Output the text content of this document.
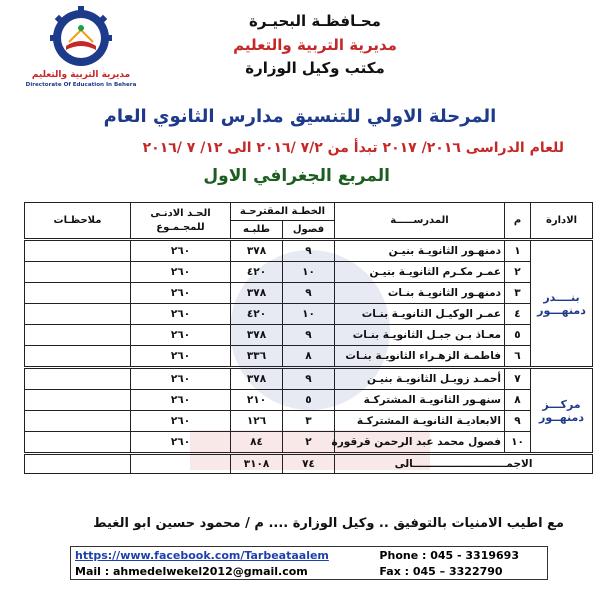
مديرية التربية والتعليم
Directorate Of Education In Behera
محـافظـة البحيـرة
مديرية التربية والتعليم
مكتب وكيل الوزارة
المرحلة الاولي للتنسيق مدارس الثانوي العام
للعام الدراسى ٢٠١٦/ ٢٠١٧ تبدأ من ٧/٢ /٢٠١٦ الى ١٢/ ٧ /٢٠١٦
المربع الجغرافي الاول
الادارة	م	المدرســـــة	الخطـة المقترحـة		الحـد الادنـى للمجـمـوع	ملاحظـات
			فصول	طلبـه		
بنــــدر دمنهـــور	١	دمنهـور الثانويـة بنيـن	٩	٣٧٨	٢٦٠	
	٢	عمـر مكـرم الثانويـة بنيـن	١٠	٤٢٠	٢٦٠	
	٣	دمنهـور الثانويـة بنـات	٩	٣٧٨	٢٦٠	
	٤	عمـر الوكيـل الثانويـة بنـات	١٠	٤٢٠	٢٦٠	
	٥	معـاذ بـن جبـل الثانويـة بنـات	٩	٣٧٨	٢٦٠	
	٦	فاطمـة الزهـراء الثانويـة بنـات	٨	٣٣٦	٢٦٠	
مركـــز دمنهــور	٧	أحمـد زويـل الثانويـة بنيـن	٩	٣٧٨	٢٦٠	
	٨	سنهـور الثانويـة المشتركـة	٥	٢١٠	٢٦٠	
	٩	الابعاديـة الثانويـة المشتركـة	٣	١٢٦	٢٦٠	
	١٠	فصول محمد عبد الرحمن قرقورة	٢	٨٤	٢٦٠	
الاجمــــــــــــــــــــــــــالى			٧٤	٣١٠٨		
مع اطيب الامنيات بالتوفيق .. وكيل الوزارة .... م / محمود حسين ابو الغيط
https://www.facebook.com/Tarbeataalem	Phone : 045 - 3319693
Mail : ahmedelwekel2012@gmail.com	Fax : 045 – 3322790
